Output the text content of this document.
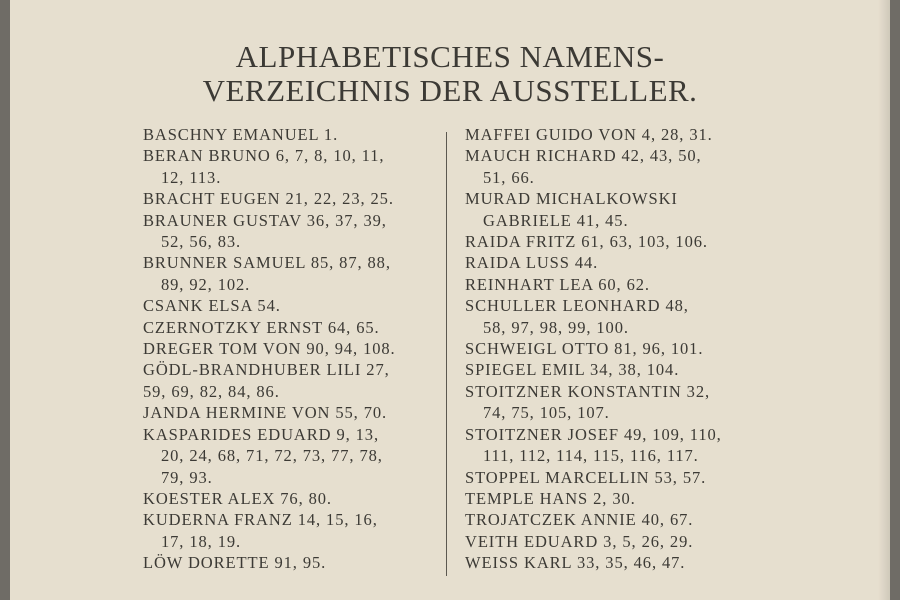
ALPHABETISCHES NAMENS-
VERZEICHNIS DER AUSSTELLER.
BASCHNY EMANUEL 1.
BERAN BRUNO 6, 7, 8, 10, 11,
12, 113.
BRACHT EUGEN 21, 22, 23, 25.
BRAUNER GUSTAV 36, 37, 39,
52, 56, 83.
BRUNNER SAMUEL 85, 87, 88,
89, 92, 102.
CSANK ELSA 54.
CZERNOTZKY ERNST 64, 65.
DREGER TOM VON 90, 94, 108.
GÖDL-BRANDHUBER LILI 27,
59, 69, 82, 84, 86.
JANDA HERMINE VON 55, 70.
KASPARIDES EDUARD 9, 13,
20, 24, 68, 71, 72, 73, 77, 78,
79, 93.
KOESTER ALEX 76, 80.
KUDERNA FRANZ 14, 15, 16,
17, 18, 19.
LÖW DORETTE 91, 95.
MAFFEI GUIDO VON 4, 28, 31.
MAUCH RICHARD 42, 43, 50,
51, 66.
MURAD MICHALKOWSKI
GABRIELE 41, 45.
RAIDA FRITZ 61, 63, 103, 106.
RAIDA LUSS 44.
REINHART LEA 60, 62.
SCHULLER LEONHARD 48,
58, 97, 98, 99, 100.
SCHWEIGL OTTO 81, 96, 101.
SPIEGEL EMIL 34, 38, 104.
STOITZNER KONSTANTIN 32,
74, 75, 105, 107.
STOITZNER JOSEF 49, 109, 110,
111, 112, 114, 115, 116, 117.
STOPPEL MARCELLIN 53, 57.
TEMPLE HANS 2, 30.
TROJATCZEK ANNIE 40, 67.
VEITH EDUARD 3, 5, 26, 29.
WEISS KARL 33, 35, 46, 47.
